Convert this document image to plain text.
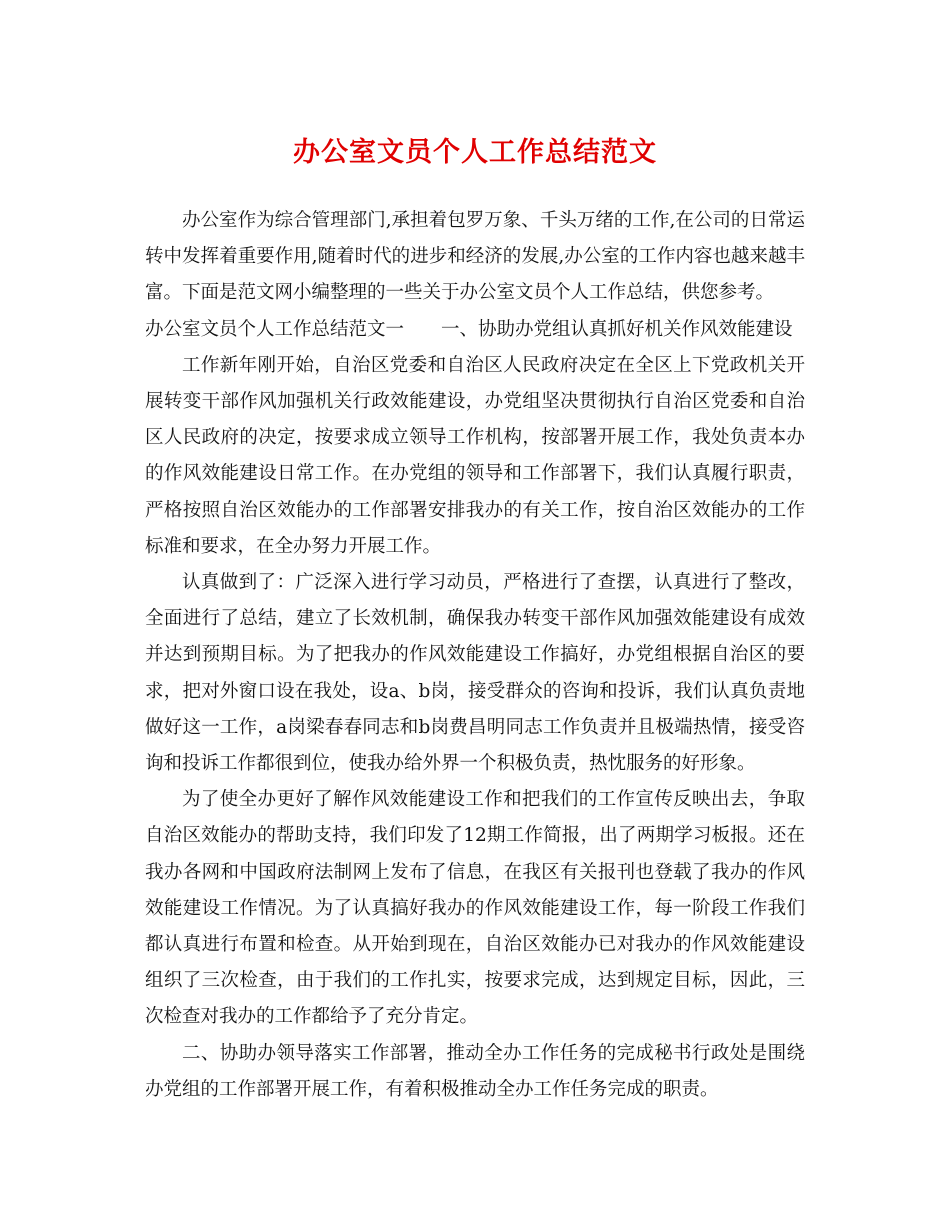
办公室文员个人工作总结范文

办公室作为综合管理部门,承担着包罗万象、千头万绪的工作,在公司的日常运转中发挥着重要作用,随着时代的进步和经济的发展,办公室的工作内容也越来越丰富。下面是范文网小编整理的一些关于办公室文员个人工作总结，供您参考。

办公室文员个人工作总结范文一　　一、协助办党组认真抓好机关作风效能建设

工作新年刚开始，自治区党委和自治区人民政府决定在全区上下党政机关开展转变干部作风加强机关行政效能建设，办党组坚决贯彻执行自治区党委和自治区人民政府的决定，按要求成立领导工作机构，按部署开展工作，我处负责本办的作风效能建设日常工作。在办党组的领导和工作部署下，我们认真履行职责，严格按照自治区效能办的工作部署安排我办的有关工作，按自治区效能办的工作标准和要求，在全办努力开展工作。

认真做到了：广泛深入进行学习动员，严格进行了查摆，认真进行了整改，全面进行了总结，建立了长效机制，确保我办转变干部作风加强效能建设有成效并达到预期目标。为了把我办的作风效能建设工作搞好，办党组根据自治区的要求，把对外窗口设在我处，设a、b岗，接受群众的咨询和投诉，我们认真负责地做好这一工作，a岗梁春春同志和b岗费昌明同志工作负责并且极端热情，接受咨询和投诉工作都很到位，使我办给外界一个积极负责，热忱服务的好形象。

为了使全办更好了解作风效能建设工作和把我们的工作宣传反映出去，争取自治区效能办的帮助支持，我们印发了12期工作简报，出了两期学习板报。还在我办各网和中国政府法制网上发布了信息，在我区有关报刊也登载了我办的作风效能建设工作情况。为了认真搞好我办的作风效能建设工作，每一阶段工作我们都认真进行布置和检查。从开始到现在，自治区效能办已对我办的作风效能建设组织了三次检查，由于我们的工作扎实，按要求完成，达到规定目标，因此，三次检查对我办的工作都给予了充分肯定。

二、协助办领导落实工作部署，推动全办工作任务的完成秘书行政处是围绕办党组的工作部署开展工作，有着积极推动全办工作任务完成的职责。
